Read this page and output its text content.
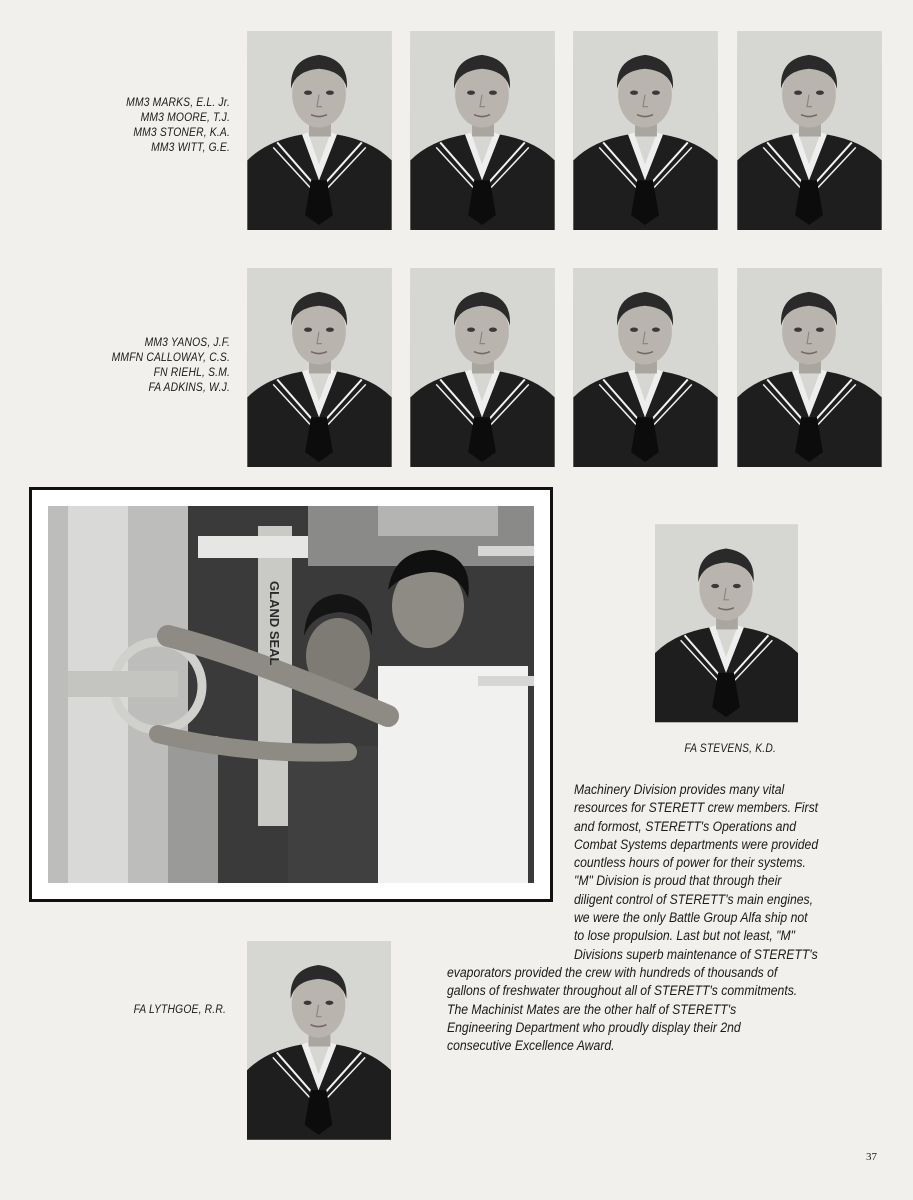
MM3 MARKS, E.L. Jr.
MM3 MOORE, T.J.
MM3 STONER, K.A.
MM3 WITT, G.E.
MM3 YANOS, J.F.
MMFN CALLOWAY, C.S.
FN RIEHL, S.M.
FA ADKINS, W.J.
GLAND SEAL
FA STEVENS, K.D.
Machinery Division provides many vital
resources for STERETT crew members. First
and formost, STERETT's Operations and
Combat Systems departments were provided
countless hours of power for their systems.
"M" Division is proud that through their
diligent control of STERETT's main engines,
we were the only Battle Group Alfa ship not
to lose propulsion. Last but not least, "M"
Divisions superb maintenance of STERETT's
evaporators provided the crew with hundreds of thousands of
gallons of freshwater throughout all of STERETT's commitments.
The Machinist Mates are the other half of STERETT's
Engineering Department who proudly display their 2nd
consecutive Excellence Award.
FA LYTHGOE, R.R.
37
